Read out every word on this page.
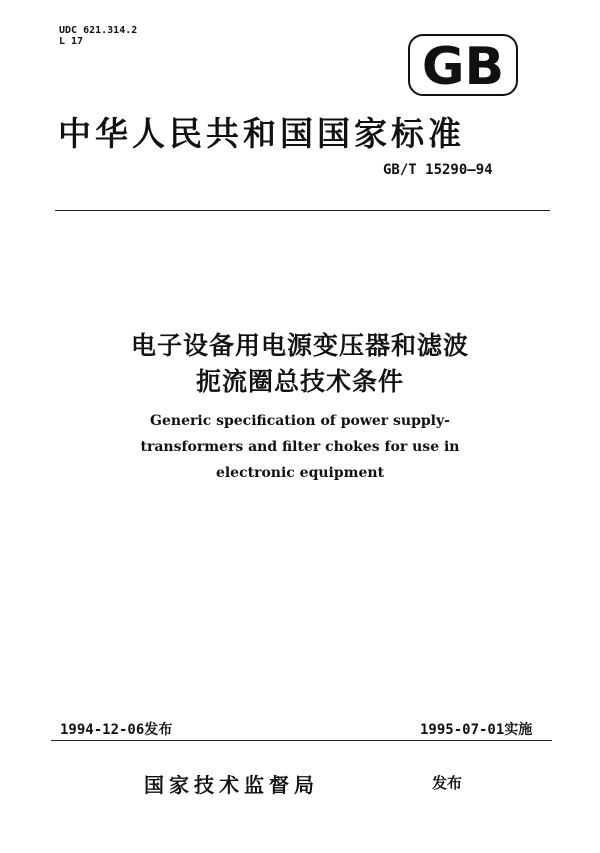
UDC 621.314.2
L 17	GB
中华人民共和国国家标准
GB/T 15290—94
电子设备用电源变压器和滤波
扼流圈总技术条件
Generic specification of power supply-
transformers and filter chokes for use in
electronic equipment
1994-12-06发布	1995-07-01实施
国家技术监督局	发布
